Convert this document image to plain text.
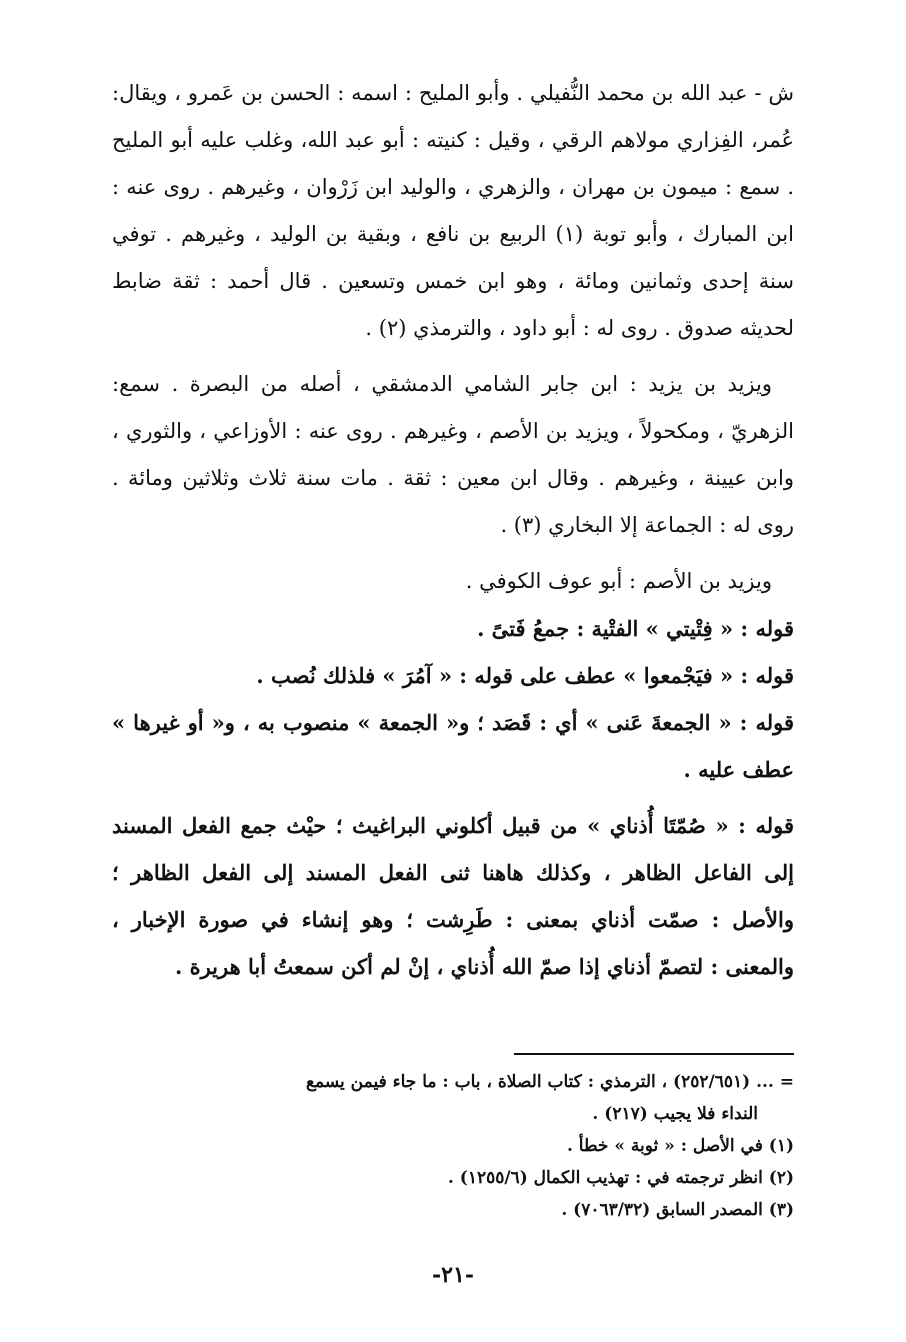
ش - عبد الله بن محمد النُّفيلي . وأبو المليح : اسمه : الحسن بن عَمرو ، ويقال: عُمر، الفِزاري مولاهم الرقي ، وقيل : كنيته : أبو عبد الله، وغلب عليه أبو المليح . سمع : ميمون بن مهران ، والزهري ، والوليد ابن زَرْوان ، وغيرهم . روى عنه : ابن المبارك ، وأبو توبة (١) الربيع بن نافع ، وبقية بن الوليد ، وغيرهم . توفي سنة إحدى وثمانين ومائة ، وهو ابن خمس وتسعين . قال أحمد : ثقة ضابط لحديثه صدوق . روى له : أبو داود ، والترمذي (٢) .

ويزيد بن يزيد : ابن جابر الشامي الدمشقي ، أصله من البصرة . سمع: الزهريّ ، ومكحولاً ، ويزيد بن الأصم ، وغيرهم . روى عنه : الأوزاعي ، والثوري ، وابن عيينة ، وغيرهم . وقال ابن معين : ثقة . مات سنة ثلاث وثلاثين ومائة . روى له : الجماعة إلا البخاري (٣) .

ويزيد بن الأصم : أبو عوف الكوفي .

قوله : « فِتْيتي » الفتْية : جمعُ فَتىً .

قوله : « فيَجْمعوا » عطف على قوله : « آمُرَ » فلذلك نُصب .

قوله : « الجمعةَ عَنى » أي : قَصَد ؛ و« الجمعة » منصوب به ، و« أو غيرها » عطف عليه .

قوله : « صُمّتَا أُذناي » من قبيل أكلوني البراغيث ؛ حيْث جمع الفعل المسند إلى الفاعل الظاهر ، وكذلك هاهنا ثنى الفعل المسند إلى الفعل الظاهر ؛ والأصل : صمّت أذناي بمعنى : طَرِشت ؛ وهو إنشاء في صورة الإخبار ، والمعنى : لتصمّ أذناي إذا صمّ الله أُذناي ، إنْ لم أكن سمعتُ أبا هريرة .

= ... (٢٥٢/٦٥١) ، الترمذي : كتاب الصلاة ، باب : ما جاء فيمن يسمع

النداء فلا يجيب (٢١٧) .

(١) في الأصل : « ثوبة » خطأ .

(٢) انظر ترجمته في : تهذيب الكمال (١٢٥٥/٦) .

(٣) المصدر السابق (٧٠٦٣/٣٢) .

-٢١-
